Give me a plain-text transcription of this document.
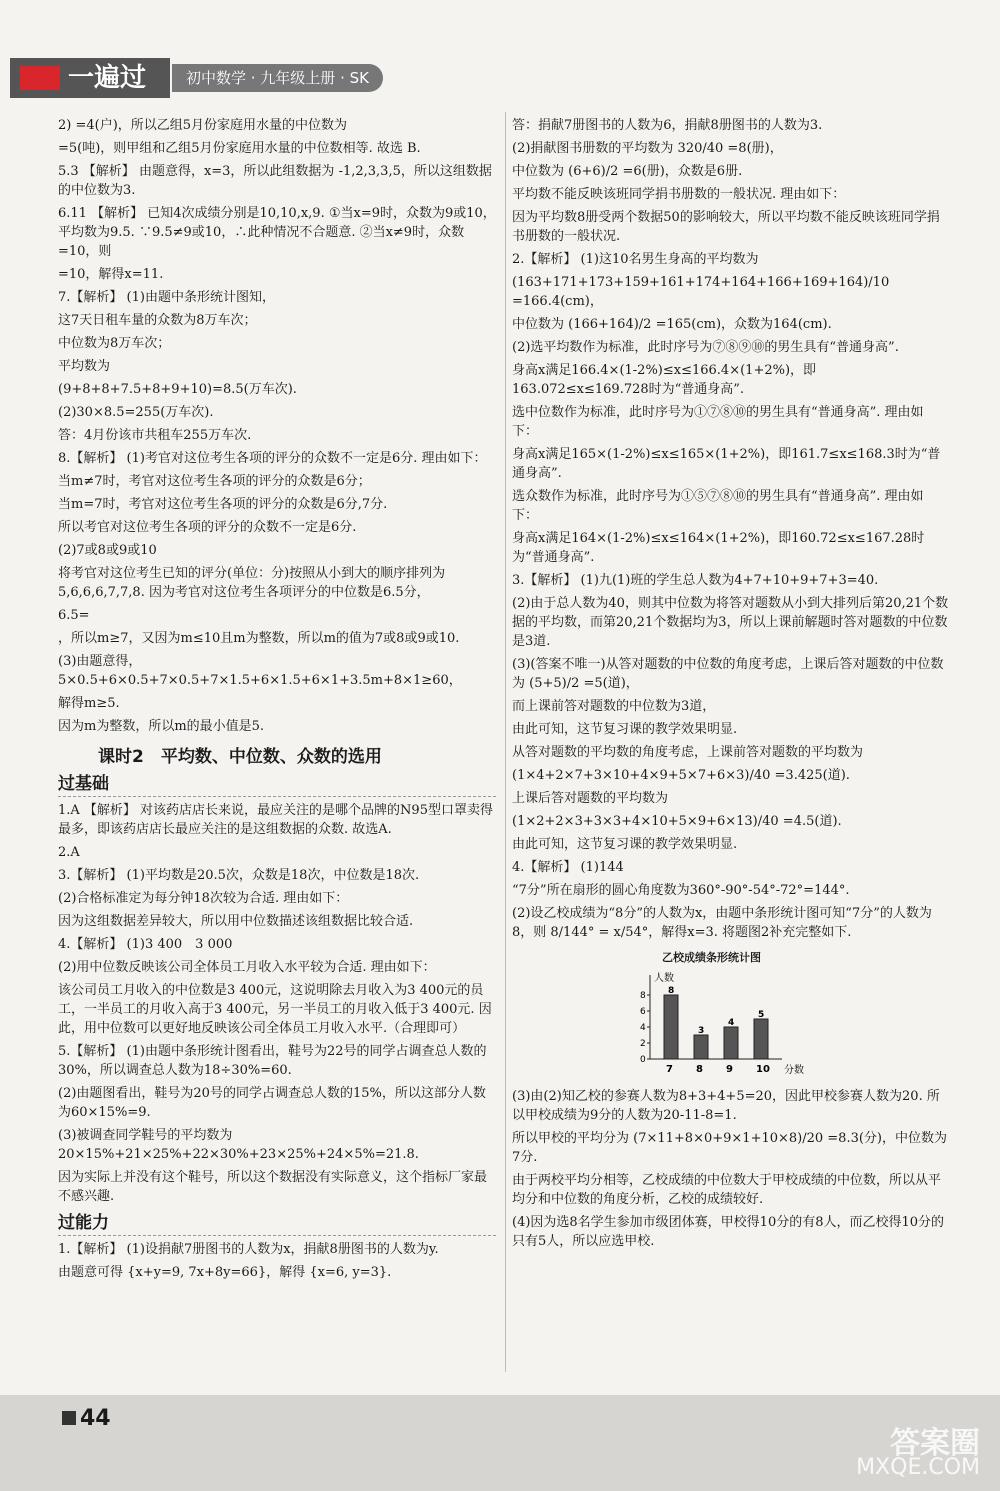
一遍过	初中数学 · 九年级上册 · SK

2) =4(户)，所以乙组5月份家庭用水量的中位数为

=5(吨)，则甲组和乙组5月份家庭用水量的中位数相等. 故选 B.

5.3 【解析】 由题意得，x=3，所以此组数据为 -1,2,3,3,5，所以这组数据的中位数为3.

6.11 【解析】 已知4次成绩分别是10,10,x,9. ①当x=9时，众数为9或10，平均数为9.5. ∵9.5≠9或10，∴此种情况不合题意. ②当x≠9时，众数=10，则

=10，解得x=11.

7.【解析】 (1)由题中条形统计图知，

这7天日租车量的众数为8万车次；

中位数为8万车次；

平均数为

(9+8+8+7.5+8+9+10)=8.5(万车次).

(2)30×8.5=255(万车次).

答：4月份该市共租车255万车次.

8.【解析】 (1)考官对这位考生各项的评分的众数不一定是6分. 理由如下：

当m≠7时，考官对这位考生各项的评分的众数是6分；

当m=7时，考官对这位考生各项的评分的众数是6分,7分.

所以考官对这位考生各项的评分的众数不一定是6分.

(2)7或8或9或10

将考官对这位考生已知的评分(单位：分)按照从小到大的顺序排列为5,6,6,6,7,7,8. 因为考官对这位考生各项评分的中位数是6.5分，

6.5=

，所以m≥7，又因为m≤10且m为整数，所以m的值为7或8或9或10.

(3)由题意得，5×0.5+6×0.5+7×0.5+7×1.5+6×1.5+6×1+3.5m+8×1≥60，

解得m≥5.

因为m为整数，所以m的最小值是5.

课时2　平均数、中位数、众数的选用
过基础

1.A 【解析】 对该药店店长来说，最应关注的是哪个品牌的N95型口罩卖得最多，即该药店店长最应关注的是这组数据的众数. 故选A.

2.A

3.【解析】 (1)平均数是20.5次，众数是18次，中位数是18次.

(2)合格标准定为每分钟18次较为合适. 理由如下：

因为这组数据差异较大，所以用中位数描述该组数据比较合适.

4.【解析】 (1)3 400　3 000

(2)用中位数反映该公司全体员工月收入水平较为合适. 理由如下：

该公司员工月收入的中位数是3 400元，这说明除去月收入为3 400元的员工，一半员工的月收入高于3 400元，另一半员工的月收入低于3 400元. 因此，用中位数可以更好地反映该公司全体员工月收入水平.（合理即可）

5.【解析】 (1)由题中条形统计图看出，鞋号为22号的同学占调查总人数的30%，所以调查总人数为18÷30%=60.

(2)由题图看出，鞋号为20号的同学占调查总人数的15%，所以这部分人数为60×15%=9.

(3)被调查同学鞋号的平均数为20×15%+21×25%+22×30%+23×25%+24×5%=21.8.

因为实际上并没有这个鞋号，所以这个数据没有实际意义，这个指标厂家最不感兴趣.

过能力

1.【解析】 (1)设捐献7册图书的人数为x，捐献8册图书的人数为y.

由题意可得 {x+y=9, 7x+8y=66}，解得 {x=6, y=3}.

答：捐献7册图书的人数为6，捐献8册图书的人数为3.

(2)捐献图书册数的平均数为 320/40 =8(册)，

中位数为 (6+6)/2 =6(册)，众数是6册.

平均数不能反映该班同学捐书册数的一般状况. 理由如下：

因为平均数8册受两个数据50的影响较大，所以平均数不能反映该班同学捐书册数的一般状况.

2.【解析】 (1)这10名男生身高的平均数为

(163+171+173+159+161+174+164+166+169+164)/10 =166.4(cm)，

中位数为 (166+164)/2 =165(cm)，众数为164(cm).

(2)选平均数作为标准，此时序号为⑦⑧⑨⑩的男生具有“普通身高”.

身高x满足166.4×(1-2%)≤x≤166.4×(1+2%)，即163.072≤x≤169.728时为“普通身高”.

选中位数作为标准，此时序号为①⑦⑧⑩的男生具有“普通身高”. 理由如下：

身高x满足165×(1-2%)≤x≤165×(1+2%)，即161.7≤x≤168.3时为“普通身高”.

选众数作为标准，此时序号为①⑤⑦⑧⑩的男生具有“普通身高”. 理由如下：

身高x满足164×(1-2%)≤x≤164×(1+2%)，即160.72≤x≤167.28时为“普通身高”.

3.【解析】 (1)九(1)班的学生总人数为4+7+10+9+7+3=40.

(2)由于总人数为40，则其中位数为将答对题数从小到大排列后第20,21个数据的平均数，而第20,21个数据均为3，所以上课前解题时答对题数的中位数是3道.

(3)(答案不唯一)从答对题数的中位数的角度考虑，上课后答对题数的中位数为 (5+5)/2 =5(道)，

而上课前答对题数的中位数为3道，

由此可知，这节复习课的教学效果明显.

从答对题数的平均数的角度考虑，上课前答对题数的平均数为

(1×4+2×7+3×10+4×9+5×7+6×3)/40 =3.425(道).

上课后答对题数的平均数为

(1×2+2×3+3×3+4×10+5×9+6×13)/40 =4.5(道).

由此可知，这节复习课的教学效果明显.

4.【解析】 (1)144

“7分”所在扇形的圆心角度数为360°-90°-54°-72°=144°.

(2)设乙校成绩为“8分”的人数为x，由题中条形统计图可知“7分”的人数为8，则 8/144° = x/54°，解得x=3. 将题图2补充完整如下.

乙校成绩条形统计图
人数
分数
0
2
4
6
8 8
7
3
8
4
9
5
10

(3)由(2)知乙校的参赛人数为8+3+4+5=20，因此甲校参赛人数为20. 所以甲校成绩为9分的人数为20-11-8=1.

所以甲校的平均分为 (7×11+8×0+9×1+10×8)/20 =8.3(分)，中位数为7分.

由于两校平均分相等，乙校成绩的中位数大于甲校成绩的中位数，所以从平均分和中位数的角度分析，乙校的成绩较好.

(4)因为选8名学生参加市级团体赛，甲校得10分的有8人，而乙校得10分的只有5人，所以应选甲校.

44
答案圈
MXQE.COM
